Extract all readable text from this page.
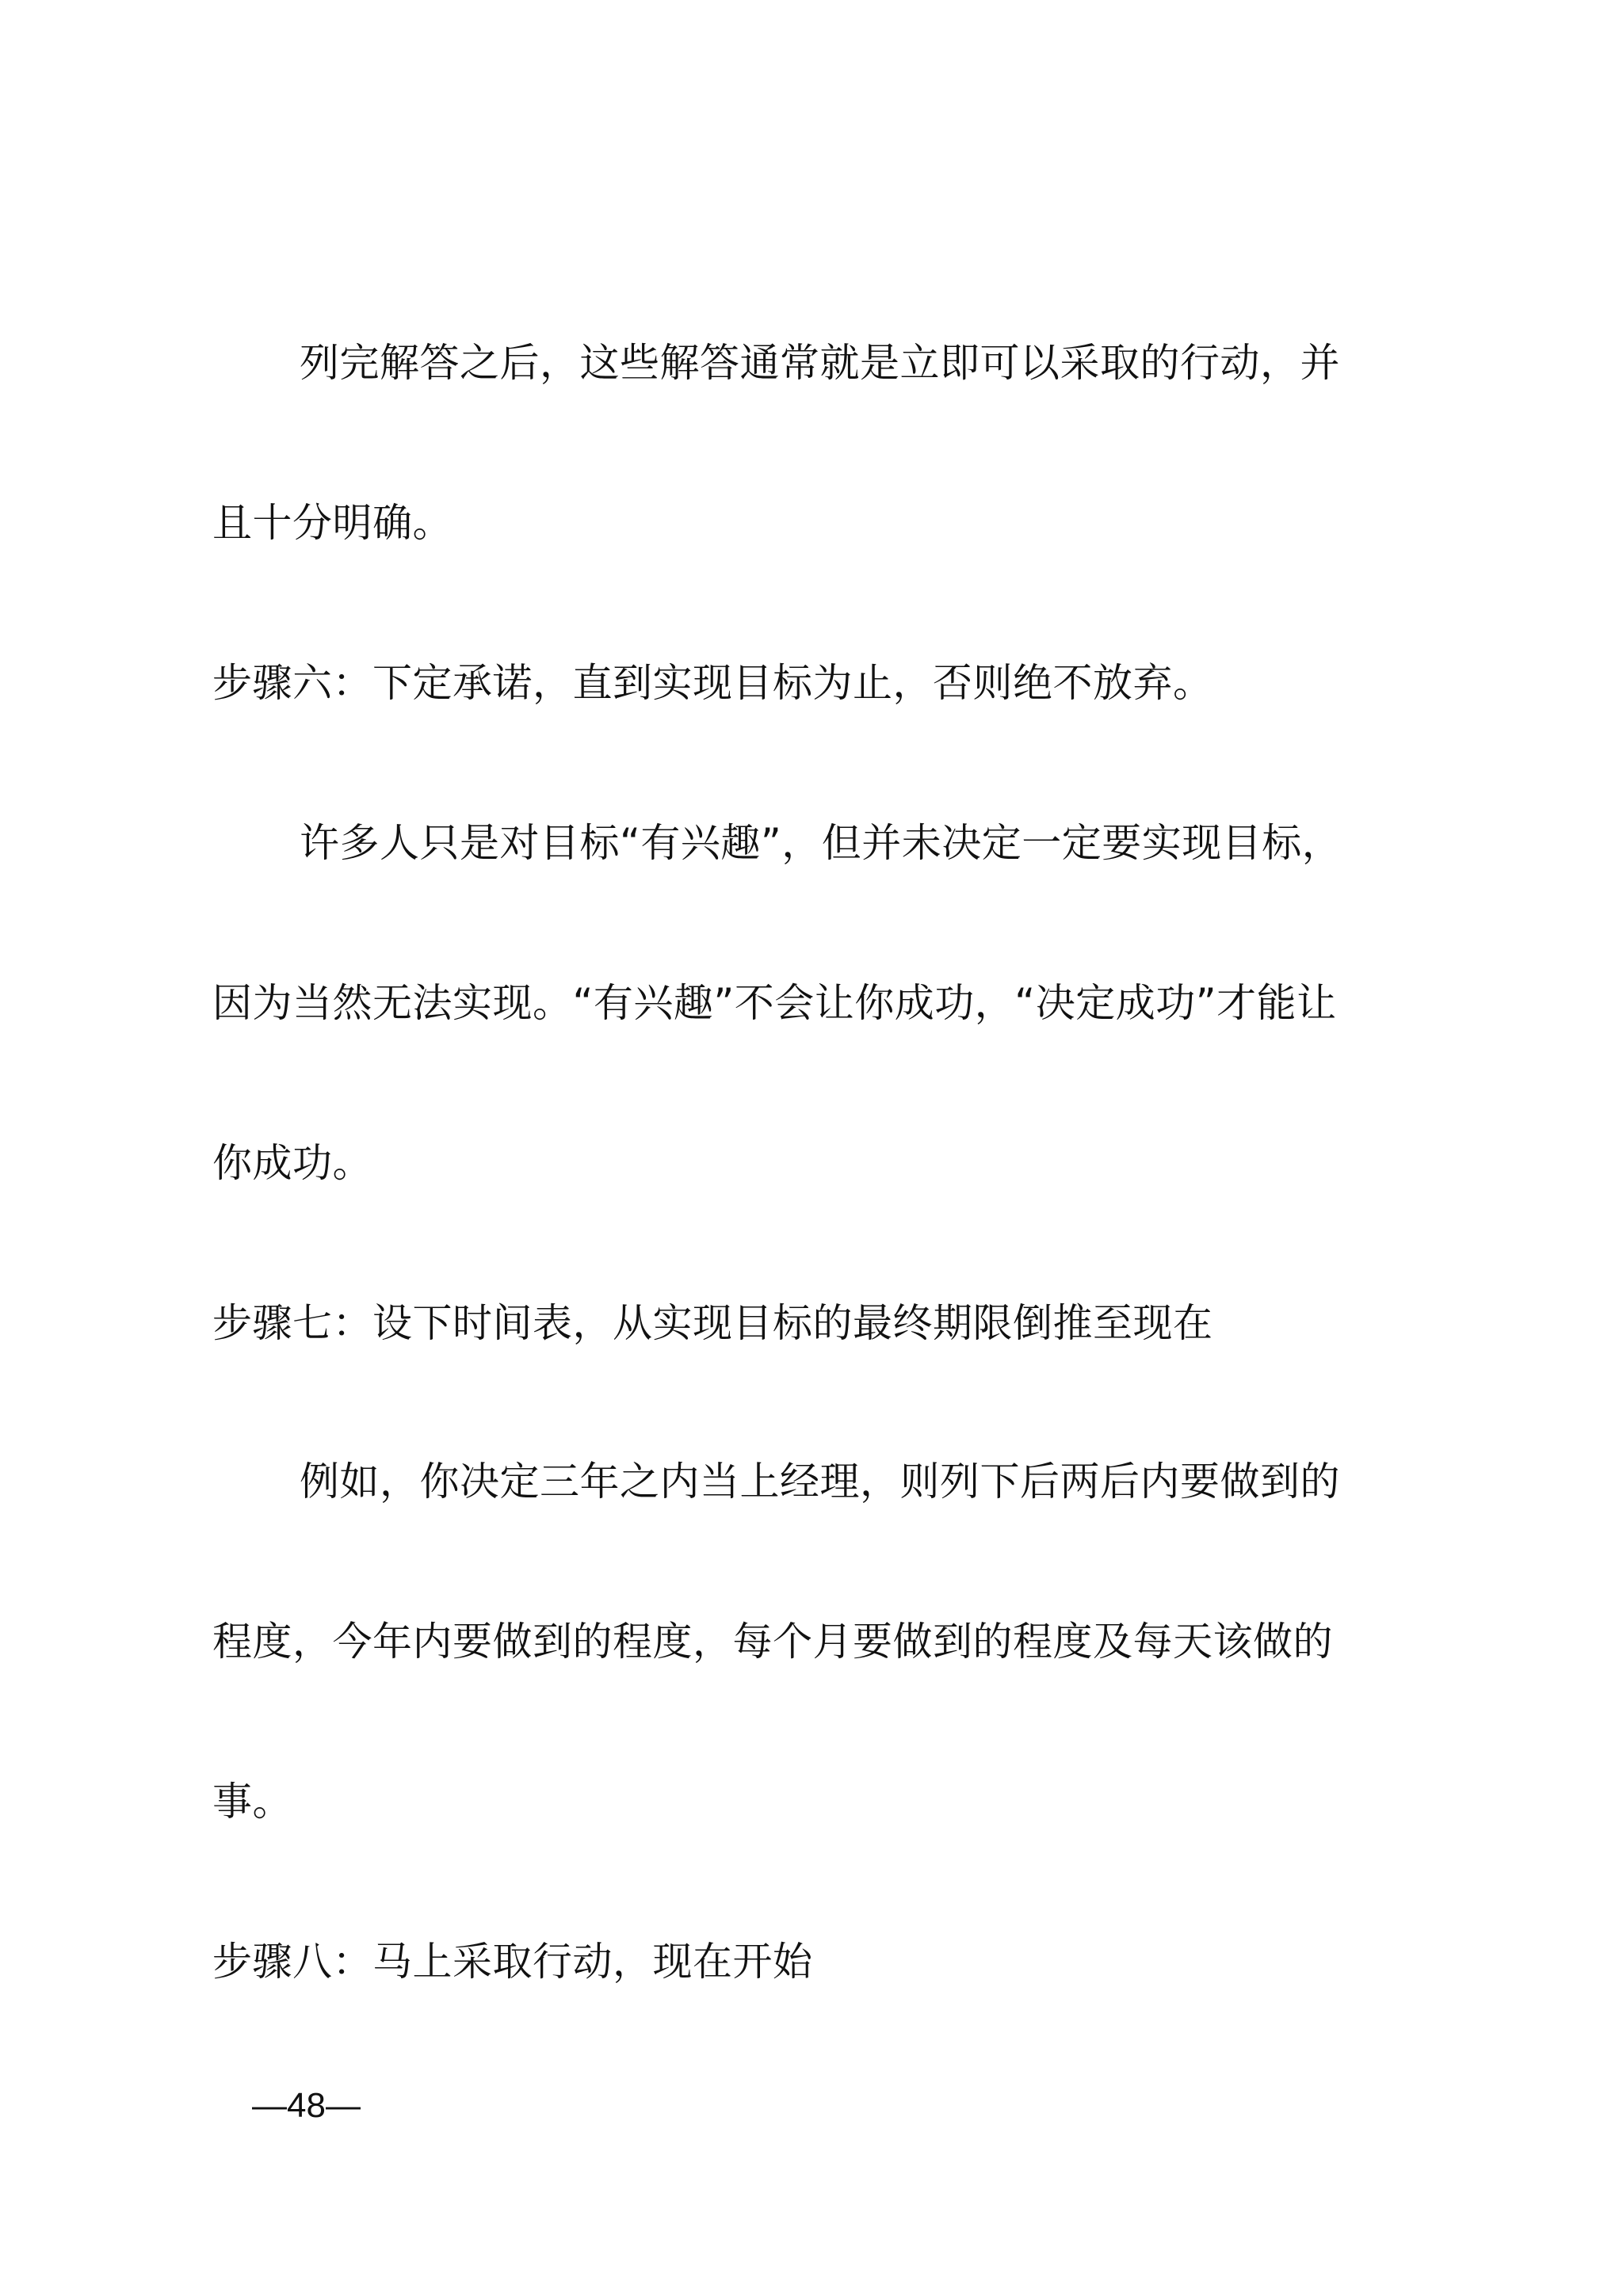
列完解答之后，这些解答通常就是立即可以采取的行动，并
且十分明确。
步骤六：下定承诺，直到实现目标为止，否则绝不放弃。
许多人只是对目标“有兴趣”，但并未决定一定要实现目标，
因为当然无法实现。“有兴趣”不会让你成功，“决定成功”才能让
你成功。
步骤七：设下时间表，从实现目标的最终期限倒推至现在
例如，你决定三年之内当上经理，则列下后两后内要做到的
程度，今年内要做到的程度，每个月要做到的程度及每天该做的
事。
步骤八：马上采取行动，现在开始
—48—
